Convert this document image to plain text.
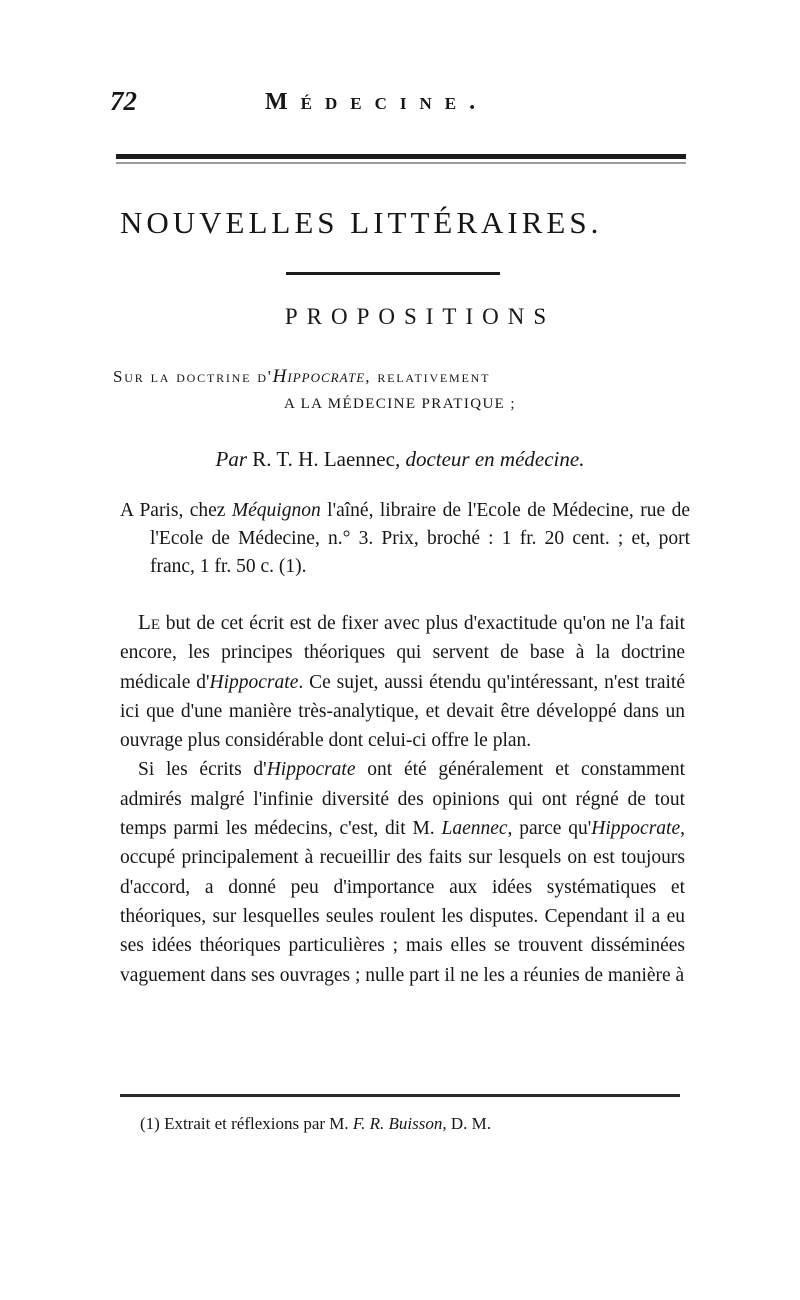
72	Médecine.
NOUVELLES LITTÉRAIRES.
PROPOSITIONS
Sur la doctrine d'Hippocrate, relativement
A LA MÉDECINE PRATIQUE ;
Par R. T. H. Laennec, docteur en médecine.

A Paris, chez Méquignon l'aîné, libraire de l'Ecole de Médecine, rue de l'Ecole de Médecine, n.° 3. Prix, broché : 1 fr. 20 cent. ; et, port franc, 1 fr. 50 c. (1).

Le but de cet écrit est de fixer avec plus d'exactitude qu'on ne l'a fait encore, les principes théoriques qui servent de base à la doctrine médicale d'Hippocrate. Ce sujet, aussi étendu qu'intéressant, n'est traité ici que d'une manière très-analytique, et devait être développé dans un ouvrage plus considérable dont celui-ci offre le plan.

Si les écrits d'Hippocrate ont été généralement et constamment admirés malgré l'infinie diversité des opinions qui ont régné de tout temps parmi les médecins, c'est, dit M. Laennec, parce qu'Hippocrate, occupé principalement à recueillir des faits sur lesquels on est toujours d'accord, a donné peu d'importance aux idées systématiques et théoriques, sur lesquelles seules roulent les disputes. Cependant il a eu ses idées théoriques particulières ; mais elles se trouvent disséminées vaguement dans ses ouvrages ; nulle part il ne les a réunies de manière à

(1) Extrait et réflexions par M. F. R. Buisson, D. M.
